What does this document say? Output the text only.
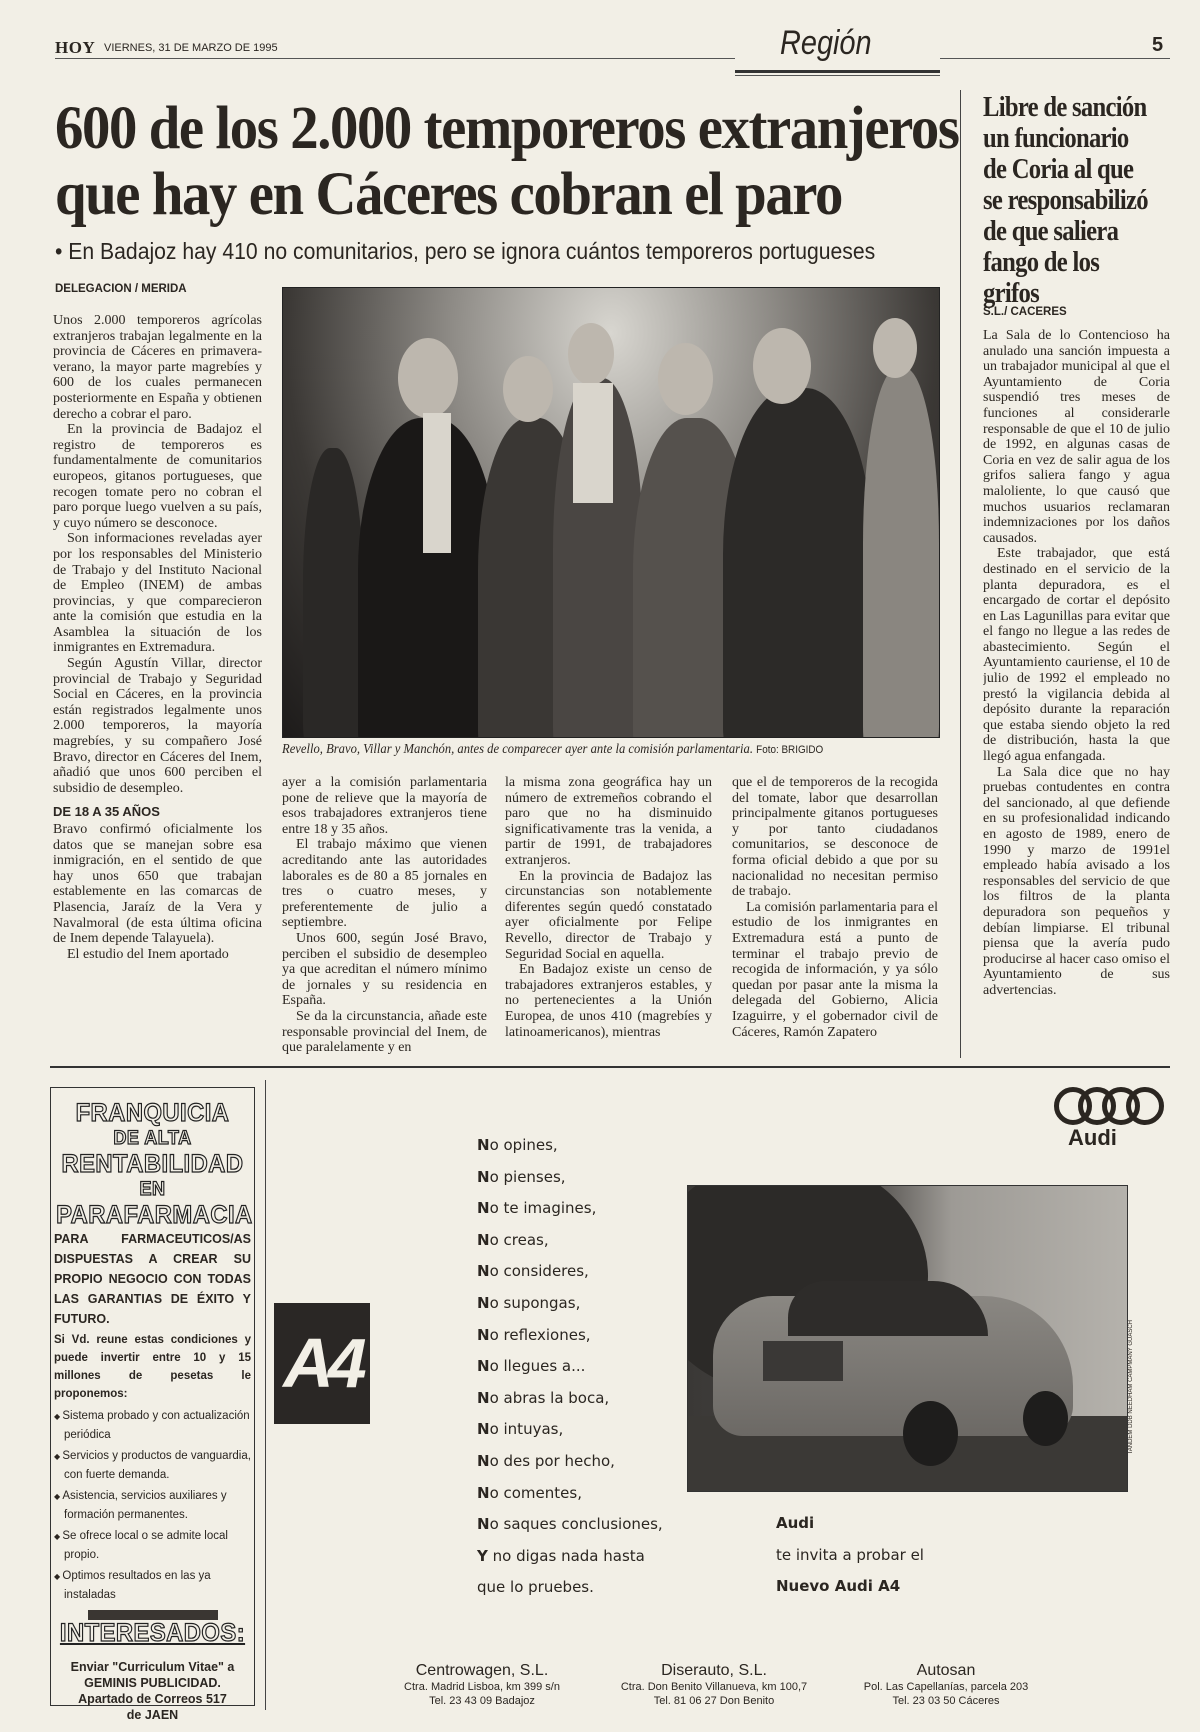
HOY VIERNES, 31 DE MARZO DE 1995	Región	5
600 de los 2.000 temporeros extranjeros
que hay en Cáceres cobran el paro
• En Badajoz hay 410 no comunitarios, pero se ignora cuántos temporeros portugueses
DELEGACION / MERIDA

Unos 2.000 temporeros agrícolas extranjeros trabajan legalmente en la provincia de Cáceres en primavera-verano, la mayor parte magrebíes y 600 de los cuales permanecen posteriormente en España y obtienen derecho a cobrar el paro.

En la provincia de Badajoz el registro de temporeros es fundamentalmente de comunitarios europeos, gitanos portugueses, que recogen tomate pero no cobran el paro porque luego vuelven a su país, y cuyo número se desconoce.

Son informaciones reveladas ayer por los responsables del Ministerio de Trabajo y del Instituto Nacional de Empleo (INEM) de ambas provincias, y que comparecieron ante la comisión que estudia en la Asamblea la situación de los inmigrantes en Extremadura.

Según Agustín Villar, director provincial de Trabajo y Seguridad Social en Cáceres, en la provincia están registrados legalmente unos 2.000 temporeros, la mayoría magrebíes, y su compañero José Bravo, director en Cáceres del Inem, añadió que unos 600 perciben el subsidio de desempleo.

DE 18 A 35 AÑOS

Bravo confirmó oficialmente los datos que se manejan sobre esa inmigración, en el sentido de que hay unos 650 que trabajan establemente en las comarcas de Plasencia, Jaraíz de la Vera y Navalmoral (de esta última oficina de Inem depende Talayuela).

El estudio del Inem aportado

ayer a la comisión parlamentaria pone de relieve que la mayoría de esos trabajadores extranjeros tiene entre 18 y 35 años.

El trabajo máximo que vienen acreditando ante las autoridades laborales es de 80 a 85 jornales en tres o cuatro meses, y preferentemente de julio a septiembre.

Unos 600, según José Bravo, perciben el subsidio de desempleo ya que acreditan el número mínimo de jornales y su residencia en España.

Se da la circunstancia, añade este responsable provincial del Inem, de que paralelamente y en

la misma zona geográfica hay un número de extremeños cobrando el paro que no ha disminuido significativamente tras la venida, a partir de 1991, de trabajadores extranjeros.

En la provincia de Badajoz las circunstancias son notablemente diferentes según quedó constatado ayer oficialmente por Felipe Revello, director de Trabajo y Seguridad Social en aquella.

En Badajoz existe un censo de trabajadores extranjeros estables, y no pertenecientes a la Unión Europea, de unos 410 (magrebíes y latinoamericanos), mientras

que el de temporeros de la recogida del tomate, labor que desarrollan principalmente gitanos portugueses y por tanto ciudadanos comunitarios, se desconoce de forma oficial debido a que por su nacionalidad no necesitan permiso de trabajo.

La comisión parlamentaria para el estudio de los inmigrantes en Extremadura está a punto de terminar el trabajo previo de recogida de información, y ya sólo quedan por pasar ante la misma la delegada del Gobierno, Alicia Izaguirre, y el gobernador civil de Cáceres, Ramón Zapatero

Revello, Bravo, Villar y Manchón, antes de comparecer ayer ante la comisión parlamentaria. Foto: BRIGIDO
Libre de sanción
un funcionario
de Coria al que
se responsabilizó
de que saliera
fango de los grifos
S.L./ CACERES

La Sala de lo Contencioso ha anulado una sanción impuesta a un trabajador municipal al que el Ayuntamiento de Coria suspendió tres meses de funciones al considerarle responsable de que el 10 de julio de 1992, en algunas casas de Coria en vez de salir agua de los grifos saliera fango y agua maloliente, lo que causó que muchos usuarios reclamaran indemnizaciones por los daños causados.

Este trabajador, que está destinado en el servicio de la planta depuradora, es el encargado de cortar el depósito en Las Lagunillas para evitar que el fango no llegue a las redes de abastecimiento. Según el Ayuntamiento cauriense, el 10 de julio de 1992 el empleado no prestó la vigilancia debida al depósito durante la reparación que estaba siendo objeto la red de distribución, hasta la que llegó agua enfangada.

La Sala dice que no hay pruebas contudentes en contra del sancionado, al que defiende en su profesionalidad indicando en agosto de 1989, enero de 1990 y marzo de 1991el empleado había avisado a los responsables del servicio de que los filtros de la planta depuradora son pequeños y debían limpiarse. El tribunal piensa que la avería pudo producirse al hacer caso omiso el Ayuntamiento de sus advertencias.

FRANQUICIA
DE ALTA
RENTABILIDAD
EN
PARAFARMACIA
PARA FARMACEUTICOS/AS DISPUESTAS A CREAR SU PROPIO NEGOCIO CON TODAS LAS GARANTIAS DE ÉXITO Y FUTURO.
Si Vd. reune estas condiciones y puede invertir entre 10 y 15 millones de pesetas le proponemos:
◆ Sistema probado y con actualización periódica
◆ Servicios y productos de vanguardia, con fuerte demanda.
◆ Asistencia, servicios auxiliares y formación permanentes.
◆ Se ofrece local o se admite local propio.
◆ Optimos resultados en las ya instaladas
INTERESADOS:
Enviar "Curriculum Vitae" a
GEMINIS PUBLICIDAD.
Apartado de Correos 517
de JAEN
Audi
No opines,
No pienses,
No te imagines,
No creas,
No consideres,
No supongas,
No reflexiones,
No llegues a...
No abras la boca,
No intuyas,
No des por hecho,
No comentes,
No saques conclusiones,
Y no digas nada hasta
que lo pruebes.
A4	TANDEM DDB NEEDHAM CAMPMANY GUASCH
Audi
te invita a probar el
Nuevo Audi A4
Centrowagen, S.L.
Ctra. Madrid Lisboa, km 399 s/n
Tel. 23 43 09 Badajoz
Diserauto, S.L.
Ctra. Don Benito Villanueva, km 100,7
Tel. 81 06 27 Don Benito
Autosan
Pol. Las Capellanías, parcela 203
Tel. 23 03 50 Cáceres
